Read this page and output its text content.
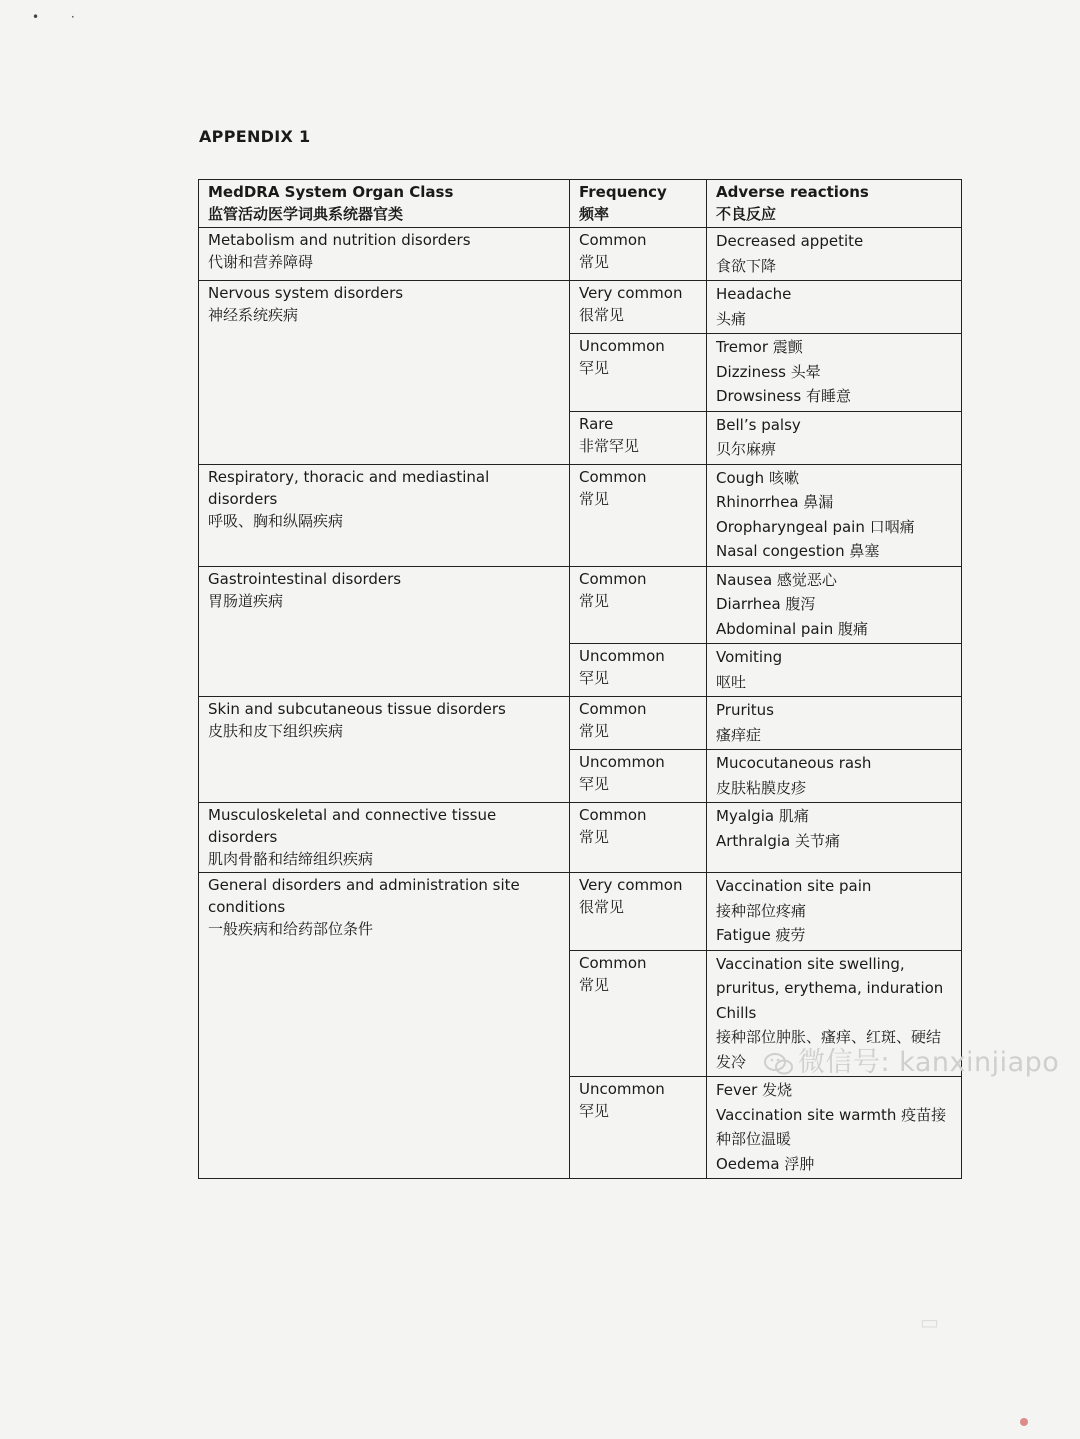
• ·
APPENDIX 1
MedDRA System Organ Class
监管活动医学词典系统器官类	Frequency
频率	Adverse reactions
不良反应

Metabolism and nutrition disorders
代谢和营养障碍	Common
常见	Decreased appetite
食欲下降

Nervous system disorders
神经系统疾病	Very common
很常见	Headache
头痛

	Uncommon
罕见	Tremor 震颤
Dizziness 头晕
Drowsiness 有睡意

	Rare
非常罕见	Bell’s palsy
贝尔麻痹

Respiratory, thoracic and mediastinal disorders
呼吸、胸和纵隔疾病	Common
常见	Cough 咳嗽
Rhinorrhea 鼻漏
Oropharyngeal pain 口咽痛
Nasal congestion 鼻塞

Gastrointestinal disorders
胃肠道疾病	Common
常见	Nausea 感觉恶心
Diarrhea 腹泻
Abdominal pain 腹痛

	Uncommon
罕见	Vomiting
呕吐

Skin and subcutaneous tissue disorders
皮肤和皮下组织疾病	Common
常见	Pruritus
瘙痒症

	Uncommon
罕见	Mucocutaneous rash
皮肤粘膜皮疹

Musculoskeletal and connective tissue disorders
肌肉骨骼和结缔组织疾病	Common
常见	Myalgia 肌痛
Arthralgia 关节痛

General disorders and administration site conditions
一般疾病和给药部位条件	Very common
很常见	Vaccination site pain
接种部位疼痛
Fatigue 疲劳

	Common
常见	Vaccination site swelling, pruritus, erythema, induration
Chills
接种部位肿胀、瘙痒、红斑、硬结
发冷

	Uncommon
罕见	Fever 发烧
Vaccination site warmth 疫苗接种部位温暖
Oedema 浮肿
▭
微信号: kanxinjiapo
